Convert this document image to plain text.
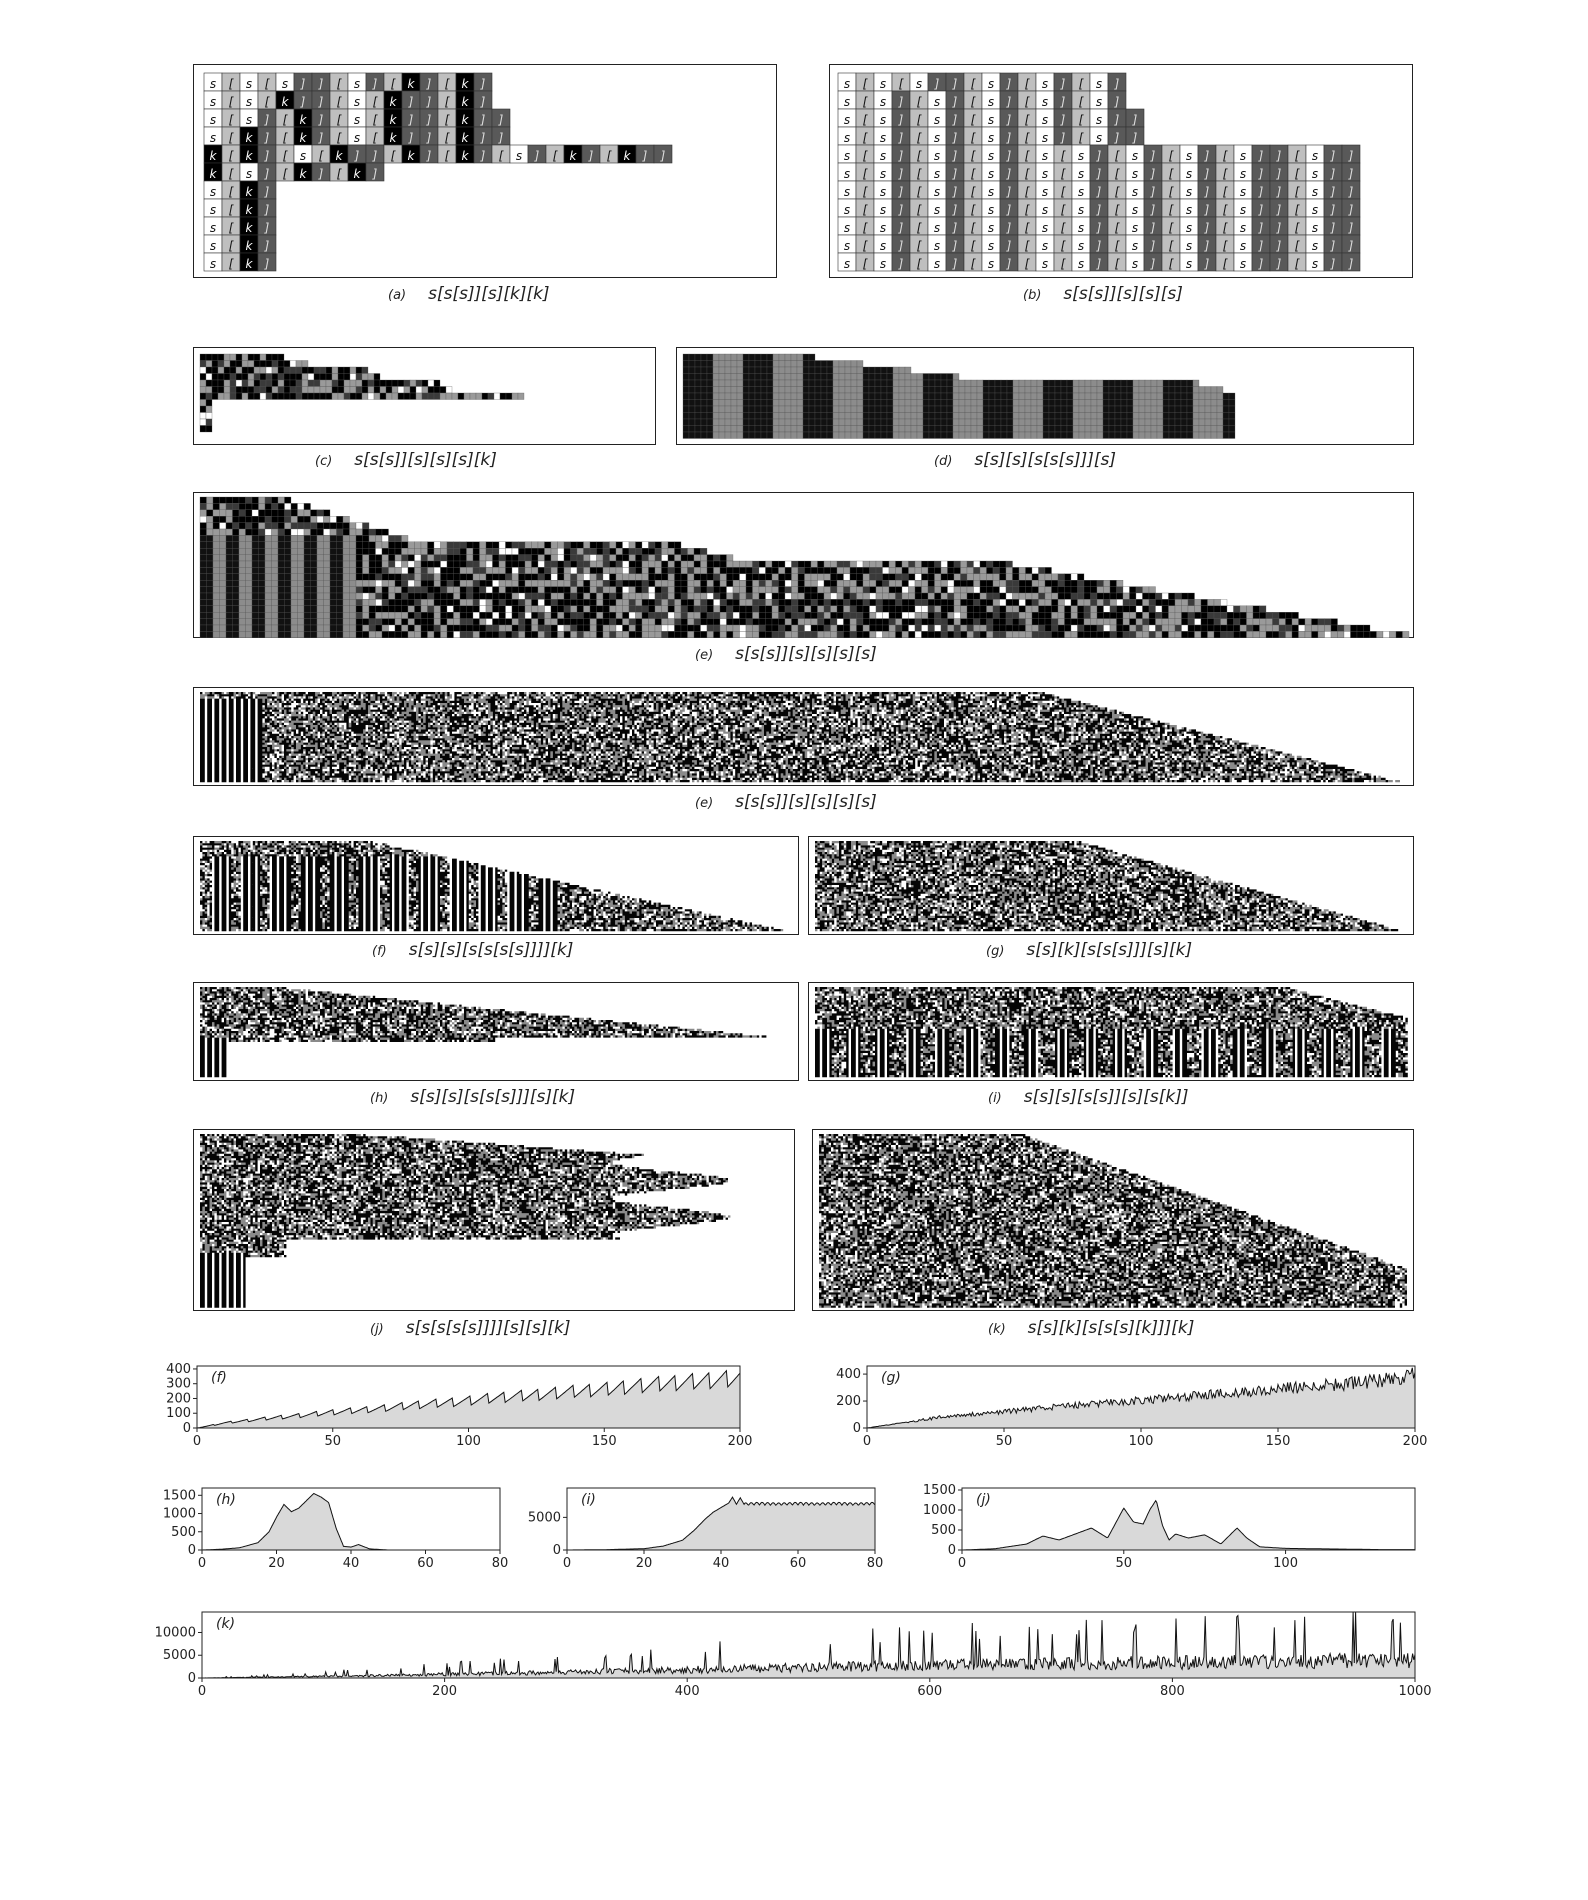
s [ s [ s ] ] [ s ] [ k ] [ k ]
s [ s [ k ] ] [ s [ k ] ] [ k ]
s [ s ] [ k ] [ s [ k ] ] [ k ] ]
s [ k ] [ k ] [ s [ k ] ] [ k ] ]
k [ k ] [ s [ k ] ] [ k ] [ k ] [ s ] [ k ] [ k ] ]
k [ s ] [ k ] [ k ]
s [ k ]
s [ k ]
s [ k ]
s [ k ]
s [ k ]
(a) s[s[s]][s][k][k]
s [ s [ s ] ] [ s ] [ s ] [ s ]
s [ s ] [ s ] [ s ] [ s ] [ s ]
s [ s ] [ s ] [ s ] [ s ] [ s ] ]
s [ s ] [ s ] [ s ] [ s ] [ s ] ]
s [ s ] [ s ] [ s ] [ s [ s ] [ s ] [ s ] [ s ] ] [ s ] ]
s [ s ] [ s ] [ s ] [ s [ s ] [ s ] [ s ] [ s ] ] [ s ] ]
s [ s ] [ s ] [ s ] [ s [ s ] [ s ] [ s ] [ s ] ] [ s ] ]
s [ s ] [ s ] [ s ] [ s [ s ] [ s ] [ s ] [ s ] ] [ s ] ]
s [ s ] [ s ] [ s ] [ s [ s ] [ s ] [ s ] [ s ] ] [ s ] ]
s [ s ] [ s ] [ s ] [ s [ s ] [ s ] [ s ] [ s ] ] [ s ] ]
s [ s ] [ s ] [ s ] [ s [ s ] [ s ] [ s ] [ s ] ] [ s ] ]
(b) s[s[s]][s][s][s]
(c) s[s[s]][s][s][s][k]	(d) s[s][s][s[s[s]]][s]
(e) s[s[s]][s][s][s][s]
(e) s[s[s]][s][s][s][s]
(f) s[s][s][s[s[s[s]]]][k]	(g) s[s][k][s[s[s]]][s][k]
(h) s[s][s][s[s[s]]][s][k]	(i) s[s][s][s[s]][s][s[k]]
(j) s[s[s[s[s]]]][s][s][k]	(k) s[s][k][s[s[s][k]]][k]
0	50	100	150	200
0
100
200
300
400
(f)
0	50	100	150	200
0
200
400 (g)
0	20	40	60	80
0
500
1000
1500 (h)
0	20	40	60	80
0
5000
(i)
0	50	100
0
500
1000
1500
(j)
0	200	400	600	800	1000
0
5000
10000
(k)
